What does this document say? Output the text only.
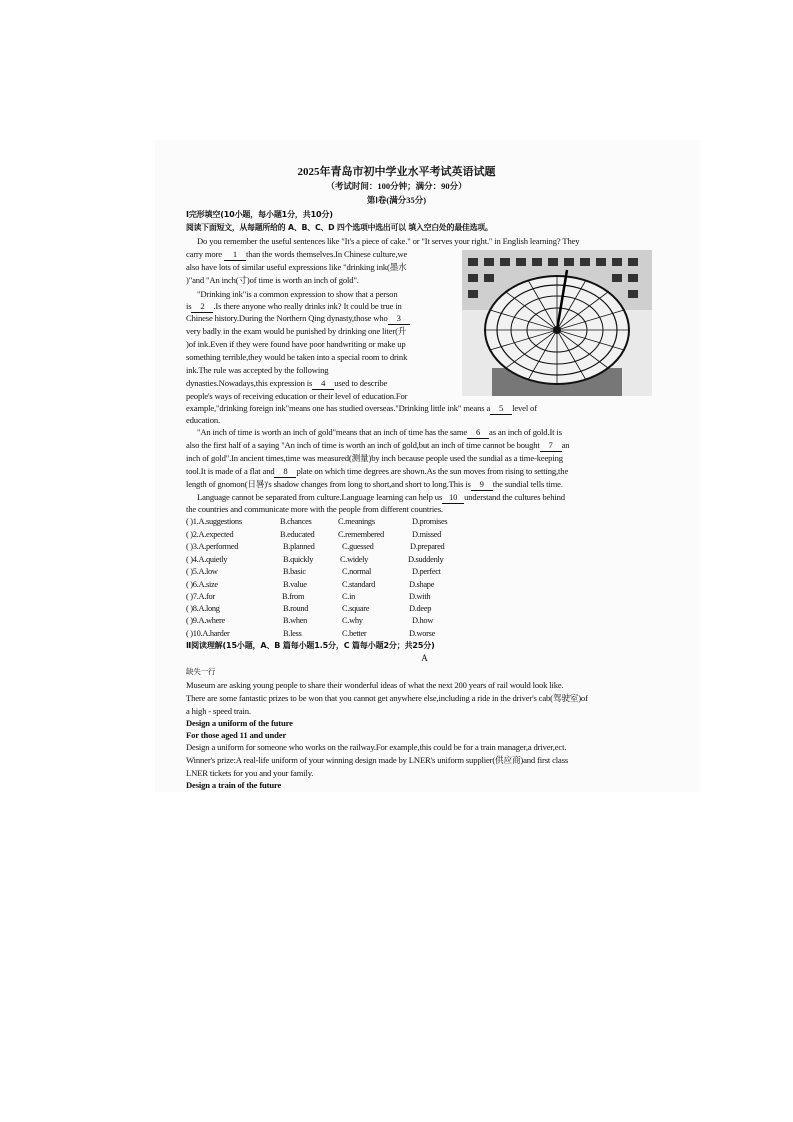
2025年青岛市初中学业水平考试英语试题
（考试时间：100分钟；满分：90分）
第Ⅰ卷(满分35分)
Ⅰ完形填空(10小题，每小题1分，共10分)
阅读下面短文，从每题所给的 A、B、C、D 四个选项中选出可以 填入空白处的最佳选项。
Do you remember the useful sentences like "It's a piece of cake." or "It serves your right." in English learning? They
carry more 1 than the words themselves.In Chinese culture,we
also have lots of similar useful expressions like "drinking ink(墨水
)"and "An inch(寸)of time is worth an inch of gold".
"Drinking ink"is a common expression to show that a person
is 2 .Is there anyone who really drinks ink? It could be true in
Chinese history.During the Northern Qing dynasty,those who 3
very badly in the exam would be punished by drinking one liter(升
)of ink.Even if they were found have poor handwriting or make up
something terrible,they would be taken into a special room to drink
ink.The rule was accepted by the following
dynasties.Nowadays,this expression is 4 used to describe
people's ways of receiving education or their level of education.For
example,"drinking foreign ink"means one has studied overseas."Drinking little ink" means a 5 level of
education.
"An inch of time is worth an inch of gold"means that an inch of time has the same 6 as an inch of gold.It is
also the first half of a saying "An inch of time is worth an inch of gold,but an inch of time cannot be bought 7 an
inch of gold".In ancient times,time was measured(测量)by inch because people used the sundial as a time-keeping
tool.It is made of a flat and 8 plate on which time degrees are shown.As the sun moves from rising to setting,the
length of gnomon(日晷)'s shadow changes from long to short,and short to long.This is 9 the sundial tells time.
Language cannot be separated from culture.Language learning can help us 10 understand the cultures behind
the countries and communicate more with the people from different countries.
( )1.A.suggestions	B.chances	C.meanings	D.promises
( )2.A.expected	B.educated	C.remembered	D.missed
( )3.A.performed	B.planned	C.guessed	D.prepared
( )4.A.quietly	B.quickly	C.widely	D.suddenly
( )5.A.low	B.basic	C.normal	D.perfect
( )6.A.size	B.value	C.standard	D.shape
( )7.A.for	B.from	C.in	D.with
( )8.A.long	B.round	C.square	D.deep
( )9.A.where	B.when	C.why	D.how
( )10.A.harder	B.less	C.better	D.worse
Ⅱ阅读理解(15小题，A、B 篇每小题1.5分，C 篇每小题2分；共25分)
A
缺失一行
Museum are asking young people to share their wonderful ideas of what the next 200 years of rail would look like.
There are some fantastic prizes to be won that you cannot get anywhere else,including a ride in the driver's cab(驾驶室)of
a high - speed train.
Design a uniform of the future
For those aged 11 and under
Design a uniform for someone who works on the railway.For example,this could be for a train manager,a driver,ect.
Winner's prize:A real-life uniform of your winning design made by LNER's uniform supplier(供应商)and first class
LNER tickets for you and your family.
Design a train of the future
